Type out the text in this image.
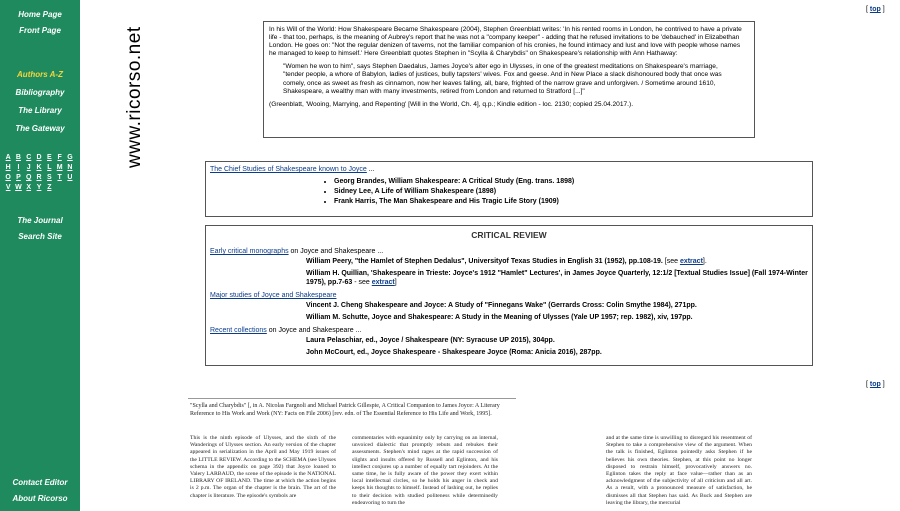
Home Page
Front Page
Authors A-Z
Bibliography
The Library
The Gateway
A B C D E F G
H I	J K L M N
O P Q R S T U
V W X Y Z
The Journal
Search Site
Contact Editor
About Ricorso
www.ricorso.net
[ top ]

In his Will of the World: How Shakespeare Became Shakespeare (2004), Stephen Greenblatt writes: 'In his rented rooms in London, he contrived to have a private life - that too, perhaps, is the meaning of Aubrey's report that he was not a "company keeper" - adding that he refused invitations to be 'debauched' in Elizabethan London. He goes on: "Not the regular denizen of taverns, not the familiar companion of his cronies, he found intimacy and lust and love with people whose names he managed to keep to himself.' Here Greenblatt quotes Stephen in "Scylla & Charybdis" on Shakespeare's relationship with Ann Hathaway:

"Women he won to him", says Stephen Daedalus, James Joyce's alter ego in Ulysses, in one of the greatest meditations on Shakespeare's marriage, "tender people, a whore of Babylon, ladies of justices, bully tapsters' wives. Fox and geese. And in New Place a slack dishonoured body that once was comely, once as sweet as fresh as cinnamon, now her leaves falling, all, bare, frighted of the narrow grave and unforgiven. / Sometime around 1610, Shakespeare, a wealthy man with many investments, retired from London and returned to Stratford [...]"

(Greenblatt, 'Wooing, Marrying, and Repenting' [Will in the World, Ch. 4], q.p.; Kindle edition - loc. 2130; copied 25.04.2017.).

The Chief Studies of Shakespeare known to Joyce ...
• Georg Brandes, William Shakespeare: A Critical Study (Eng. trans. 1898)
• Sidney Lee, A Life of William Shakespeare (1898)
• Frank Harris, The Man Shakespeare and His Tragic Life Story (1909)
CRITICAL REVIEW
Early critical monographs on Joyce and Shakespeare ...
William Peery, "the Hamlet of Stephen Dedalus", Universityof Texas Studies in English 31 (1952), pp.108-19. [see extract].
William H. Quillian, 'Shakespeare in Trieste: Joyce's 1912 "Hamlet" Lectures', in James Joyce Quarterly, 12:1/2 [Textual Studies Issue] (Fall 1974-Winter 1975), pp.7-63 - see extract]
Major studies of Joyce and Shakespeare
Vincent J. Cheng Shakespeare and Joyce: A Study of "Finnegans Wake" (Gerrards Cross: Colin Smythe 1984), 271pp.
William M. Schutte, Joyce and Shakespeare: A Study in the Meaning of Ulysses (Yale UP 1957; rep. 1982), xiv, 197pp.
Recent collections on Joyce and Shakespeare ...
Laura Pelaschiar, ed., Joyce / Shakespeare (NY: Syracuse UP 2015), 304pp.
John McCourt, ed., Joyce Shakespeare - Shakespeare Joyce (Roma: Anicia 2016), 287pp.
[ top ]
"Scylla and Charybdis" [, in A. Nicolas Fargnoli and Michael Patrick Gillespie, A Critical Companion to James Joyce: A Literary Reference to His Work and Work (NY: Facts on File 2006) [rev. edn. of The Essential Reference to His Life and Work, 1995].
This is the ninth episode of Ulysses, and the sixth of the Wanderings of Ulysses section. An early version of the chapter appeared in serialization in the April and May 1919 issues of the LITTLE REVIEW. According to the SCHEMA (see Ulysses schema in the appendix on page 392) that Joyce loaned to Valery LARBAUD, the scene of the episode is the NATIONAL LIBRARY OF IRELAND. The time at which the action begins is 2 p.m. The organ of the chapter is the brain. The art of the chapter is literature. The episode's symbols are
commentaries with equanimity only by carrying on an internal, unvoiced dialectic that promptly rebuts and rebukes their assessments. Stephen's mind rages at the rapid succession of slights and insults offered by Russell and Eglinton, and his intellect conjures up a number of equally tart rejoinders. At the same time, he is fully aware of the power they exert within local intellectual circles, so he holds his anger in check and keeps his thoughts to himself. Instead of lashing out, he replies to their decision with studied politeness while determinedly endeavoring to turn the
and at the same time is unwilling to disregard his resentment of Stephen to take a comprehensive view of the argument. When the talk is finished, Eglinton pointedly asks Stephen if he believes his own theories. Stephen, at this point no longer disposed to restrain himself, provocatively answers no. Eglinton takes the reply at face value—rather than as an acknowledgment of the subjectivity of all criticism and all art. As a result, with a pronounced measure of satisfaction, he dismisses all that Stephen has said. As Buck and Stephen are leaving the library, the mercurial
